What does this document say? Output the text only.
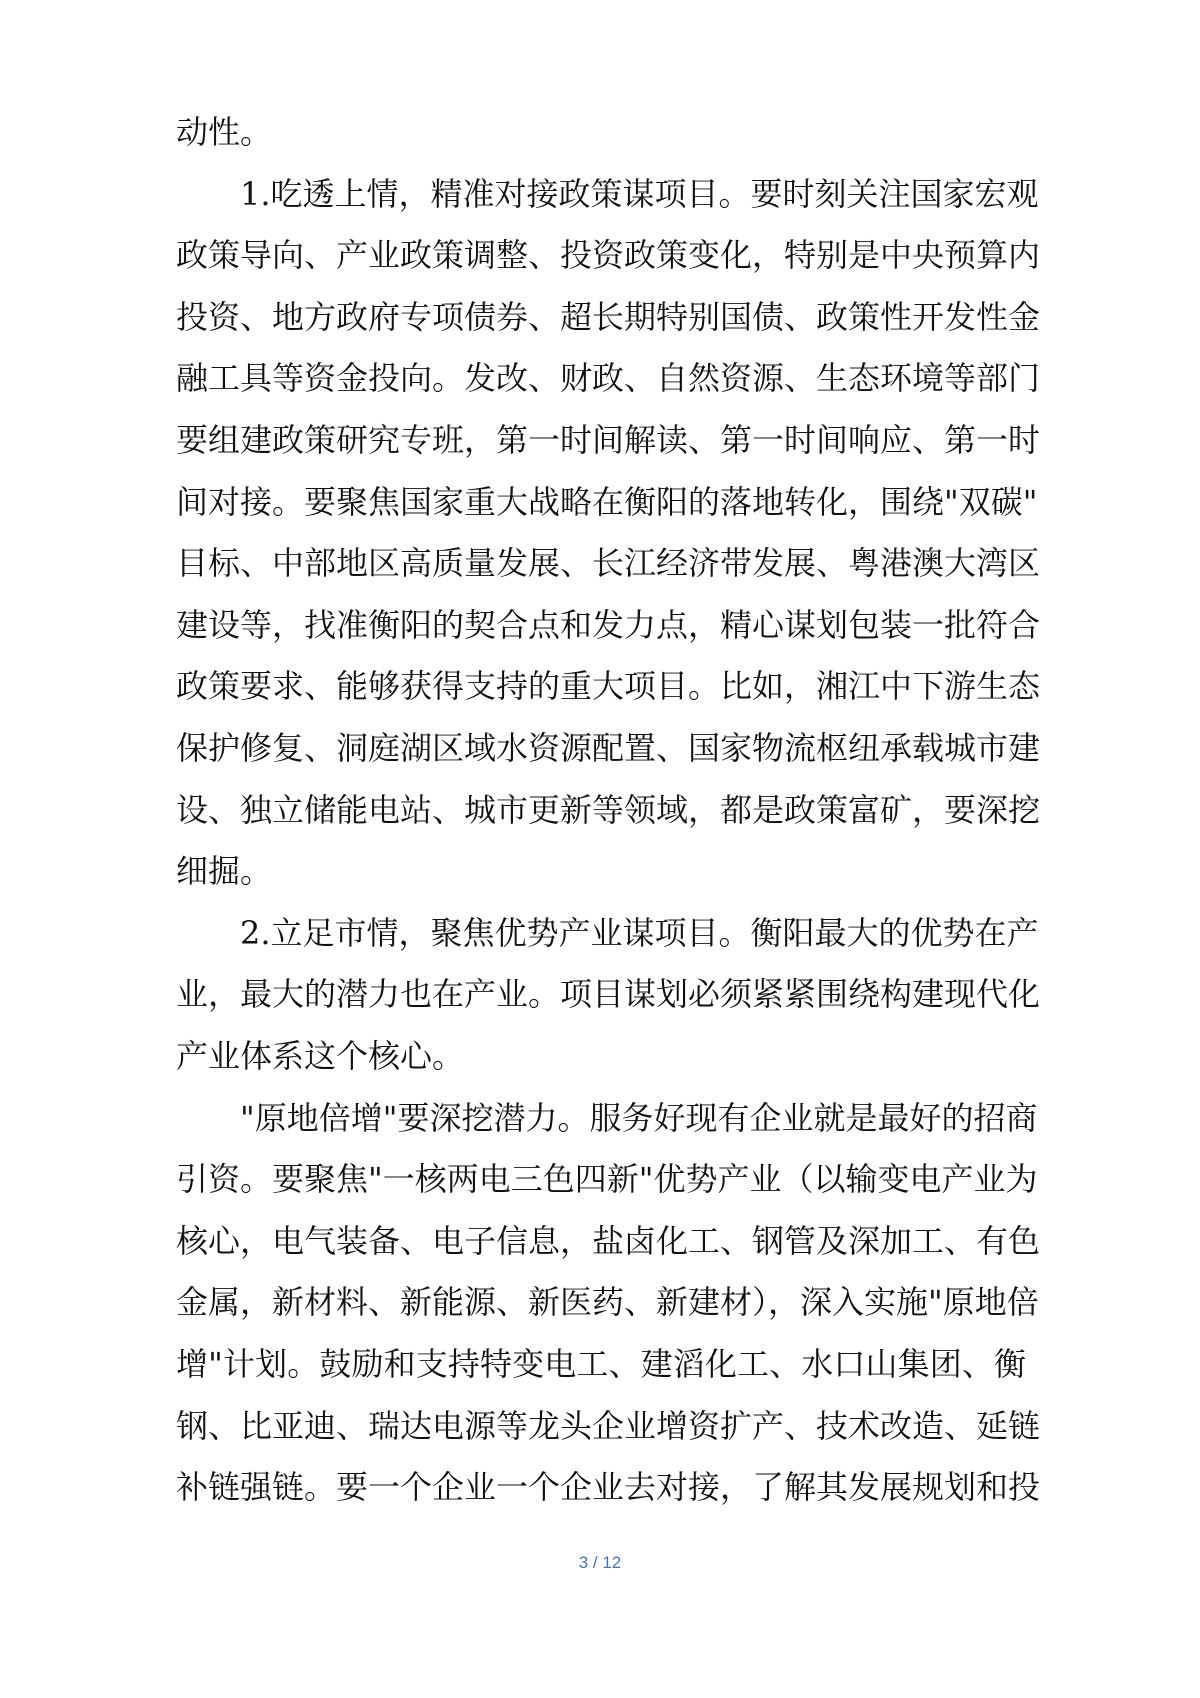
动性。
1.吃透上情，精准对接政策谋项目。要时刻关注国家宏观
政策导向、产业政策调整、投资政策变化，特别是中央预算内
投资、地方政府专项债券、超长期特别国债、政策性开发性金
融工具等资金投向。发改、财政、自然资源、生态环境等部门
要组建政策研究专班，第一时间解读、第一时间响应、第一时
间对接。要聚焦国家重大战略在衡阳的落地转化，围绕"双碳"
目标、中部地区高质量发展、长江经济带发展、粤港澳大湾区
建设等，找准衡阳的契合点和发力点，精心谋划包装一批符合
政策要求、能够获得支持的重大项目。比如，湘江中下游生态
保护修复、洞庭湖区域水资源配置、国家物流枢纽承载城市建
设、独立储能电站、城市更新等领域，都是政策富矿，要深挖
细掘。
2.立足市情，聚焦优势产业谋项目。衡阳最大的优势在产
业，最大的潜力也在产业。项目谋划必须紧紧围绕构建现代化
产业体系这个核心。
"原地倍增"要深挖潜力。服务好现有企业就是最好的招商
引资。要聚焦"一核两电三色四新"优势产业（以输变电产业为
核心，电气装备、电子信息，盐卤化工、钢管及深加工、有色
金属，新材料、新能源、新医药、新建材），深入实施"原地倍
增"计划。鼓励和支持特变电工、建滔化工、水口山集团、衡
钢、比亚迪、瑞达电源等龙头企业增资扩产、技术改造、延链
补链强链。要一个企业一个企业去对接，了解其发展规划和投
3 / 12
